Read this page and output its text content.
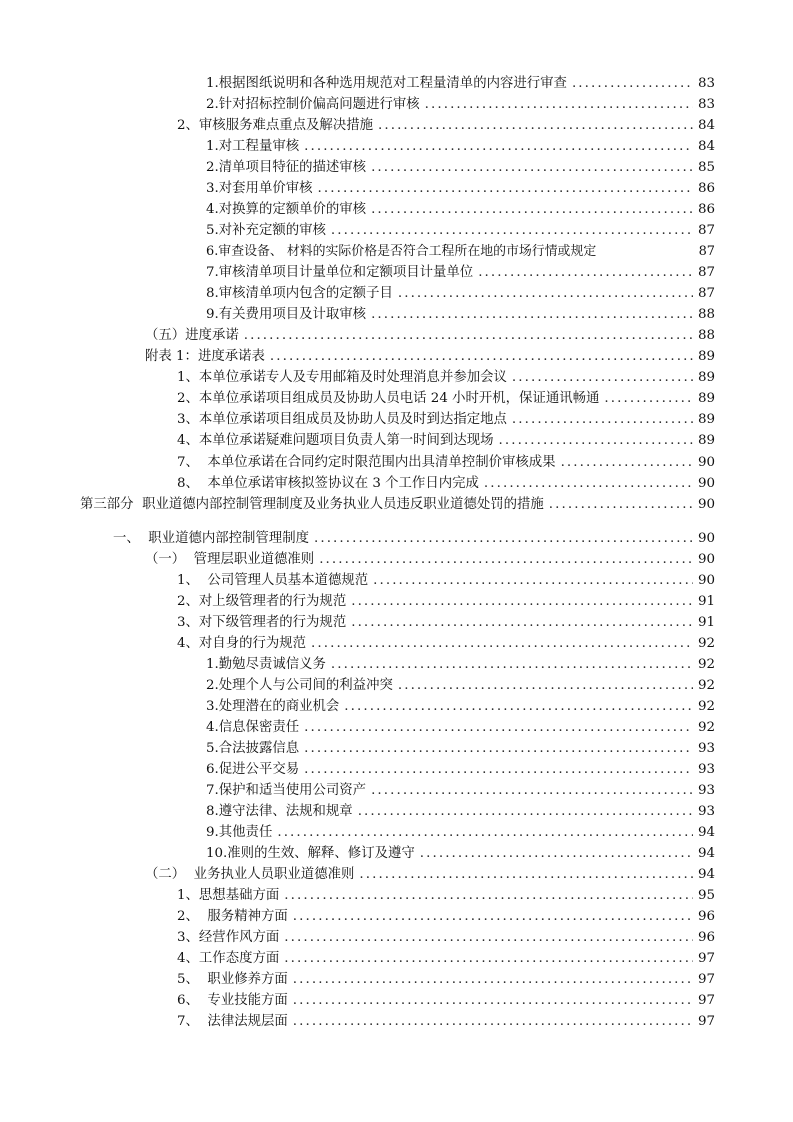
1.根据图纸说明和各种选用规范对工程量清单的内容进行审查 .....	83
2.针对招标控制价偏高问题进行审核 .....	83
2、审核服务难点重点及解决措施 .....	84
1.对工程量审核 .....	84
2.清单项目特征的描述审核 .....	85
3.对套用单价审核 .....	86
4.对换算的定额单价的审核 .....	86
5.对补充定额的审核 .....	87
6.审查设备、 材料的实际价格是否符合工程所在地的市场行情或规定	87
7.审核清单项目计量单位和定额项目计量单位 .....	87
8.审核清单项内包含的定额子目 .....	87
9.有关费用项目及计取审核 .....	88
（五）进度承诺 .....	88
附表 1：进度承诺表 .....	89
1、本单位承诺专人及专用邮箱及时处理消息并参加会议 .....	89
2、本单位承诺项目组成员及协助人员电话 24 小时开机，保证通讯畅通 .....	89
3、本单位承诺项目组成员及协助人员及时到达指定地点 .....	89
4、本单位承诺疑难问题项目负责人第一时间到达现场 .....	89
7、  本单位承诺在合同约定时限范围内出具清单控制价审核成果 .....	90
8、  本单位承诺审核拟签协议在 3 个工作日内完成 .....	90
第三部分  职业道德内部控制管理制度及业务执业人员违反职业道德处罚的措施 .....	90
一、  职业道德内部控制管理制度 .....	90
（一）  管理层职业道德准则 .....	90
1、  公司管理人员基本道德规范 .....	90
2、对上级管理者的行为规范 .....	91
3、对下级管理者的行为规范 .....	91
4、对自身的行为规范 .....	92
1.勤勉尽责诚信义务 .....	92
2.处理个人与公司间的利益冲突 .....	92
3.处理潜在的商业机会 .....	92
4.信息保密责任 .....	92
5.合法披露信息 .....	93
6.促进公平交易 .....	93
7.保护和适当使用公司资产 .....	93
8.遵守法律、法规和规章 .....	93
9.其他责任 .....	94
10.准则的生效、解释、修订及遵守 .....	94
（二）  业务执业人员职业道德准则 .....	94
1、思想基础方面 .....	95
2、  服务精神方面 .....	96
3、经营作风方面 .....	96
4、工作态度方面 .....	97
5、  职业修养方面 .....	97
6、  专业技能方面 .....	97
7、  法律法规层面 .....	97
